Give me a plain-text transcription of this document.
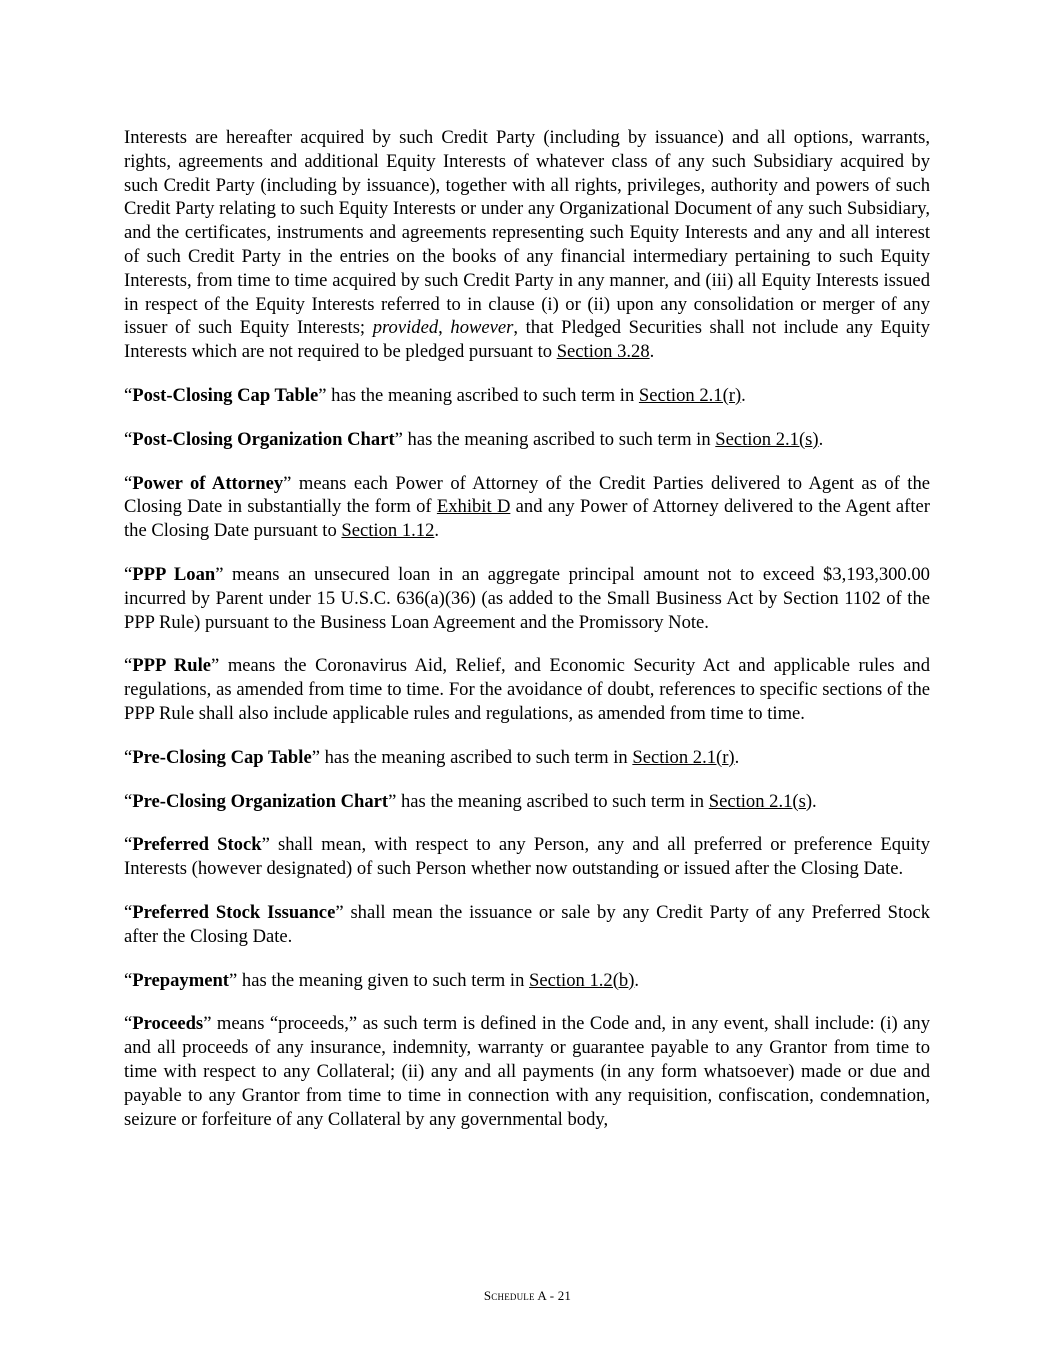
Interests are hereafter acquired by such Credit Party (including by issuance) and all options, warrants, rights, agreements and additional Equity Interests of whatever class of any such Subsidiary acquired by such Credit Party (including by issuance), together with all rights, privileges, authority and powers of such Credit Party relating to such Equity Interests or under any Organizational Document of any such Subsidiary, and the certificates, instruments and agreements representing such Equity Interests and any and all interest of such Credit Party in the entries on the books of any financial intermediary pertaining to such Equity Interests, from time to time acquired by such Credit Party in any manner, and (iii) all Equity Interests issued in respect of the Equity Interests referred to in clause (i) or (ii) upon any consolidation or merger of any issuer of such Equity Interests; provided, however, that Pledged Securities shall not include any Equity Interests which are not required to be pledged pursuant to Section 3.28.

“Post-Closing Cap Table” has the meaning ascribed to such term in Section 2.1(r).

“Post-Closing Organization Chart” has the meaning ascribed to such term in Section 2.1(s).

“Power of Attorney” means each Power of Attorney of the Credit Parties delivered to Agent as of the Closing Date in substantially the form of Exhibit D and any Power of Attorney delivered to the Agent after the Closing Date pursuant to Section 1.12.

“PPP Loan” means an unsecured loan in an aggregate principal amount not to exceed $3,193,300.00 incurred by Parent under 15 U.S.C. 636(a)(36) (as added to the Small Business Act by Section 1102 of the PPP Rule) pursuant to the Business Loan Agreement and the Promissory Note.

“PPP Rule” means the Coronavirus Aid, Relief, and Economic Security Act and applicable rules and regulations, as amended from time to time. For the avoidance of doubt, references to specific sections of the PPP Rule shall also include applicable rules and regulations, as amended from time to time.

“Pre-Closing Cap Table” has the meaning ascribed to such term in Section 2.1(r).

“Pre-Closing Organization Chart” has the meaning ascribed to such term in Section 2.1(s).

“Preferred Stock” shall mean, with respect to any Person, any and all preferred or preference Equity Interests (however designated) of such Person whether now outstanding or issued after the Closing Date.

“Preferred Stock Issuance” shall mean the issuance or sale by any Credit Party of any Preferred Stock after the Closing Date.

“Prepayment” has the meaning given to such term in Section 1.2(b).

“Proceeds” means “proceeds,” as such term is defined in the Code and, in any event, shall include: (i) any and all proceeds of any insurance, indemnity, warranty or guarantee payable to any Grantor from time to time with respect to any Collateral; (ii) any and all payments (in any form whatsoever) made or due and payable to any Grantor from time to time in connection with any requisition, confiscation, condemnation, seizure or forfeiture of any Collateral by any governmental body,

Schedule A - 21
